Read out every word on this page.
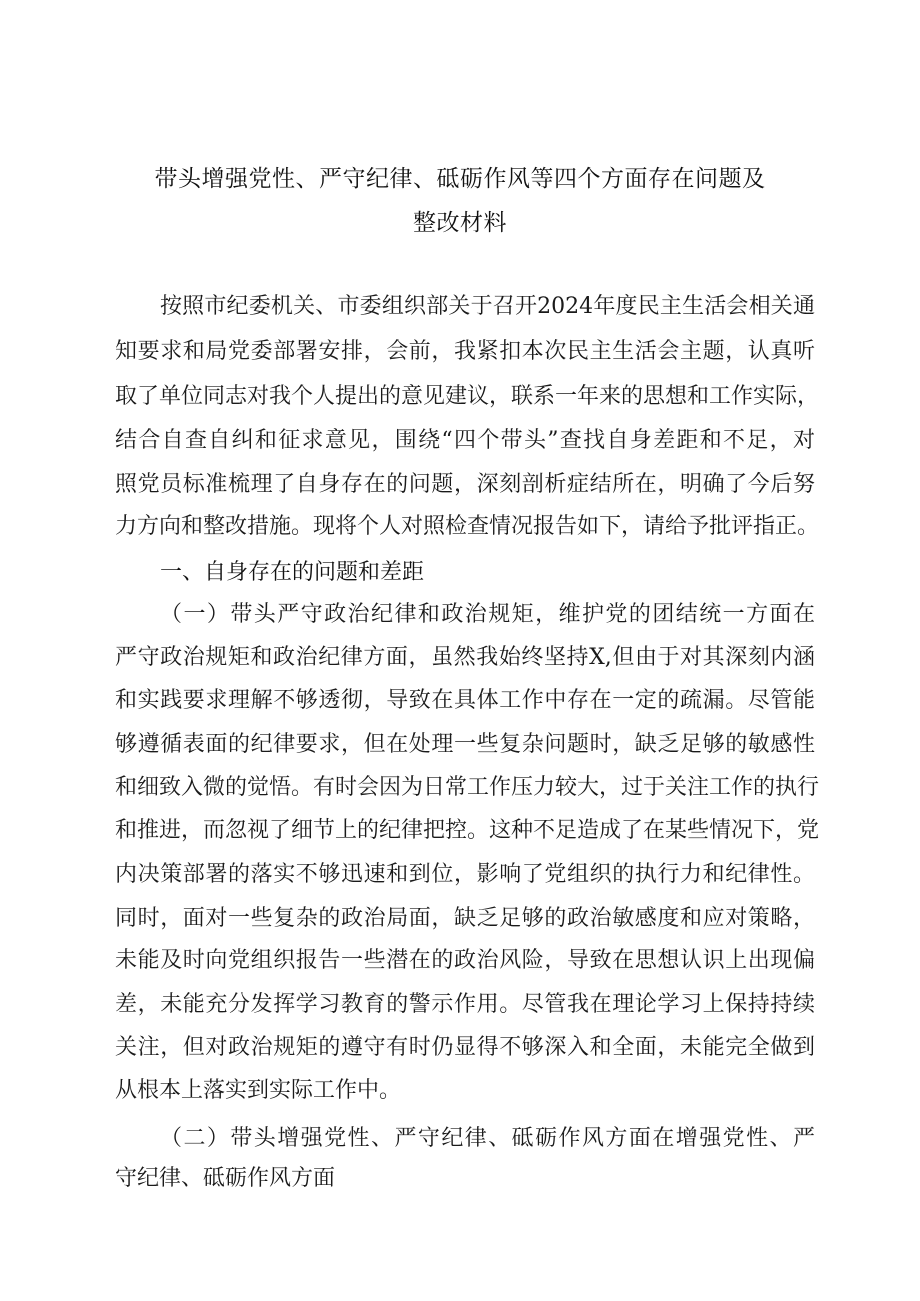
带头增强党性、严守纪律、砥砺作风等四个方面存在问题及
整改材料
按照市纪委机关、市委组织部关于召开2024年度民主生活会相关通
知要求和局党委部署安排，会前，我紧扣本次民主生活会主题，认真听
取了单位同志对我个人提出的意见建议，联系一年来的思想和工作实际，
结合自查自纠和征求意见，围绕“四个带头”查找自身差距和不足，对
照党员标准梳理了自身存在的问题，深刻剖析症结所在，明确了今后努
力方向和整改措施。现将个人对照检查情况报告如下，请给予批评指正。
一、自身存在的问题和差距
（一）带头严守政治纪律和政治规矩，维护党的团结统一方面在
严守政治规矩和政治纪律方面，虽然我始终坚持X,但由于对其深刻内涵
和实践要求理解不够透彻，导致在具体工作中存在一定的疏漏。尽管能
够遵循表面的纪律要求，但在处理一些复杂问题时，缺乏足够的敏感性
和细致入微的觉悟。有时会因为日常工作压力较大，过于关注工作的执行
和推进，而忽视了细节上的纪律把控。这种不足造成了在某些情况下，党
内决策部署的落实不够迅速和到位，影响了党组织的执行力和纪律性。
同时，面对一些复杂的政治局面，缺乏足够的政治敏感度和应对策略，
未能及时向党组织报告一些潜在的政治风险，导致在思想认识上出现偏
差，未能充分发挥学习教育的警示作用。尽管我在理论学习上保持持续
关注，但对政治规矩的遵守有时仍显得不够深入和全面，未能完全做到
从根本上落实到实际工作中。
（二）带头增强党性、严守纪律、砥砺作风方面在增强党性、严
守纪律、砥砺作风方面
